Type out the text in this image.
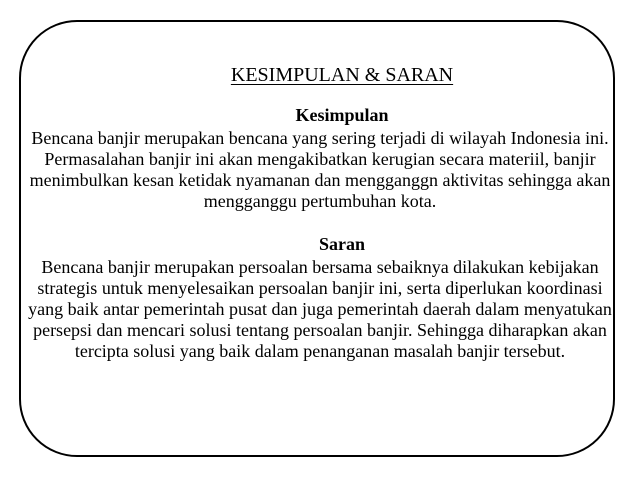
KESIMPULAN & SARAN
Kesimpulan

Bencana banjir merupakan bencana yang sering terjadi di wilayah Indonesia ini. Permasalahan banjir ini akan mengakibatkan kerugian secara materiil, banjir menimbulkan kesan ketidak nyamanan dan mengganggn aktivitas sehingga akan mengganggu pertumbuhan kota.

Saran

Bencana banjir merupakan persoalan bersama sebaiknya dilakukan kebijakan strategis untuk menyelesaikan persoalan banjir ini, serta diperlukan koordinasi yang baik antar pemerintah pusat dan juga pemerintah daerah dalam menyatukan persepsi dan mencari solusi tentang persoalan banjir. Sehingga diharapkan akan tercipta solusi yang baik dalam penanganan masalah banjir tersebut.
